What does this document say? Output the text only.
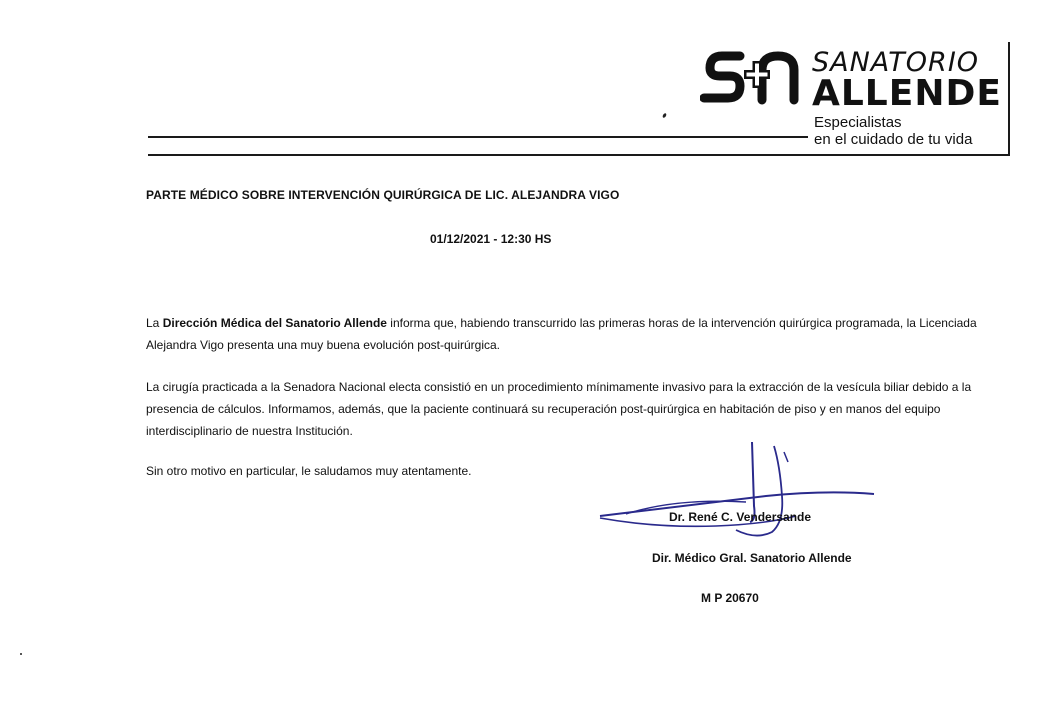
SANATORIO
ALLENDE
Especialistas
en el cuidado de tu vida
PARTE MÉDICO SOBRE INTERVENCIÓN QUIRÚRGICA DE LIC. ALEJANDRA VIGO
01/12/2021 - 12:30 HS
La Dirección Médica del Sanatorio Allende informa que, habiendo transcurrido las primeras horas de la intervención quirúrgica programada, la Licenciada
Alejandra Vigo presenta una muy buena evolución post-quirúrgica.
La cirugía practicada a la Senadora Nacional electa consistió en un procedimiento mínimamente invasivo para la extracción de la vesícula biliar debido a la
presencia de cálculos. Informamos, además, que la paciente continuará su recuperación post-quirúrgica en habitación de piso y en manos del equipo
interdisciplinario de nuestra Institución.
Sin otro motivo en particular, le saludamos muy atentamente.
Dr. René C. Vendersande
Dir. Médico Gral. Sanatorio Allende
M P 20670
